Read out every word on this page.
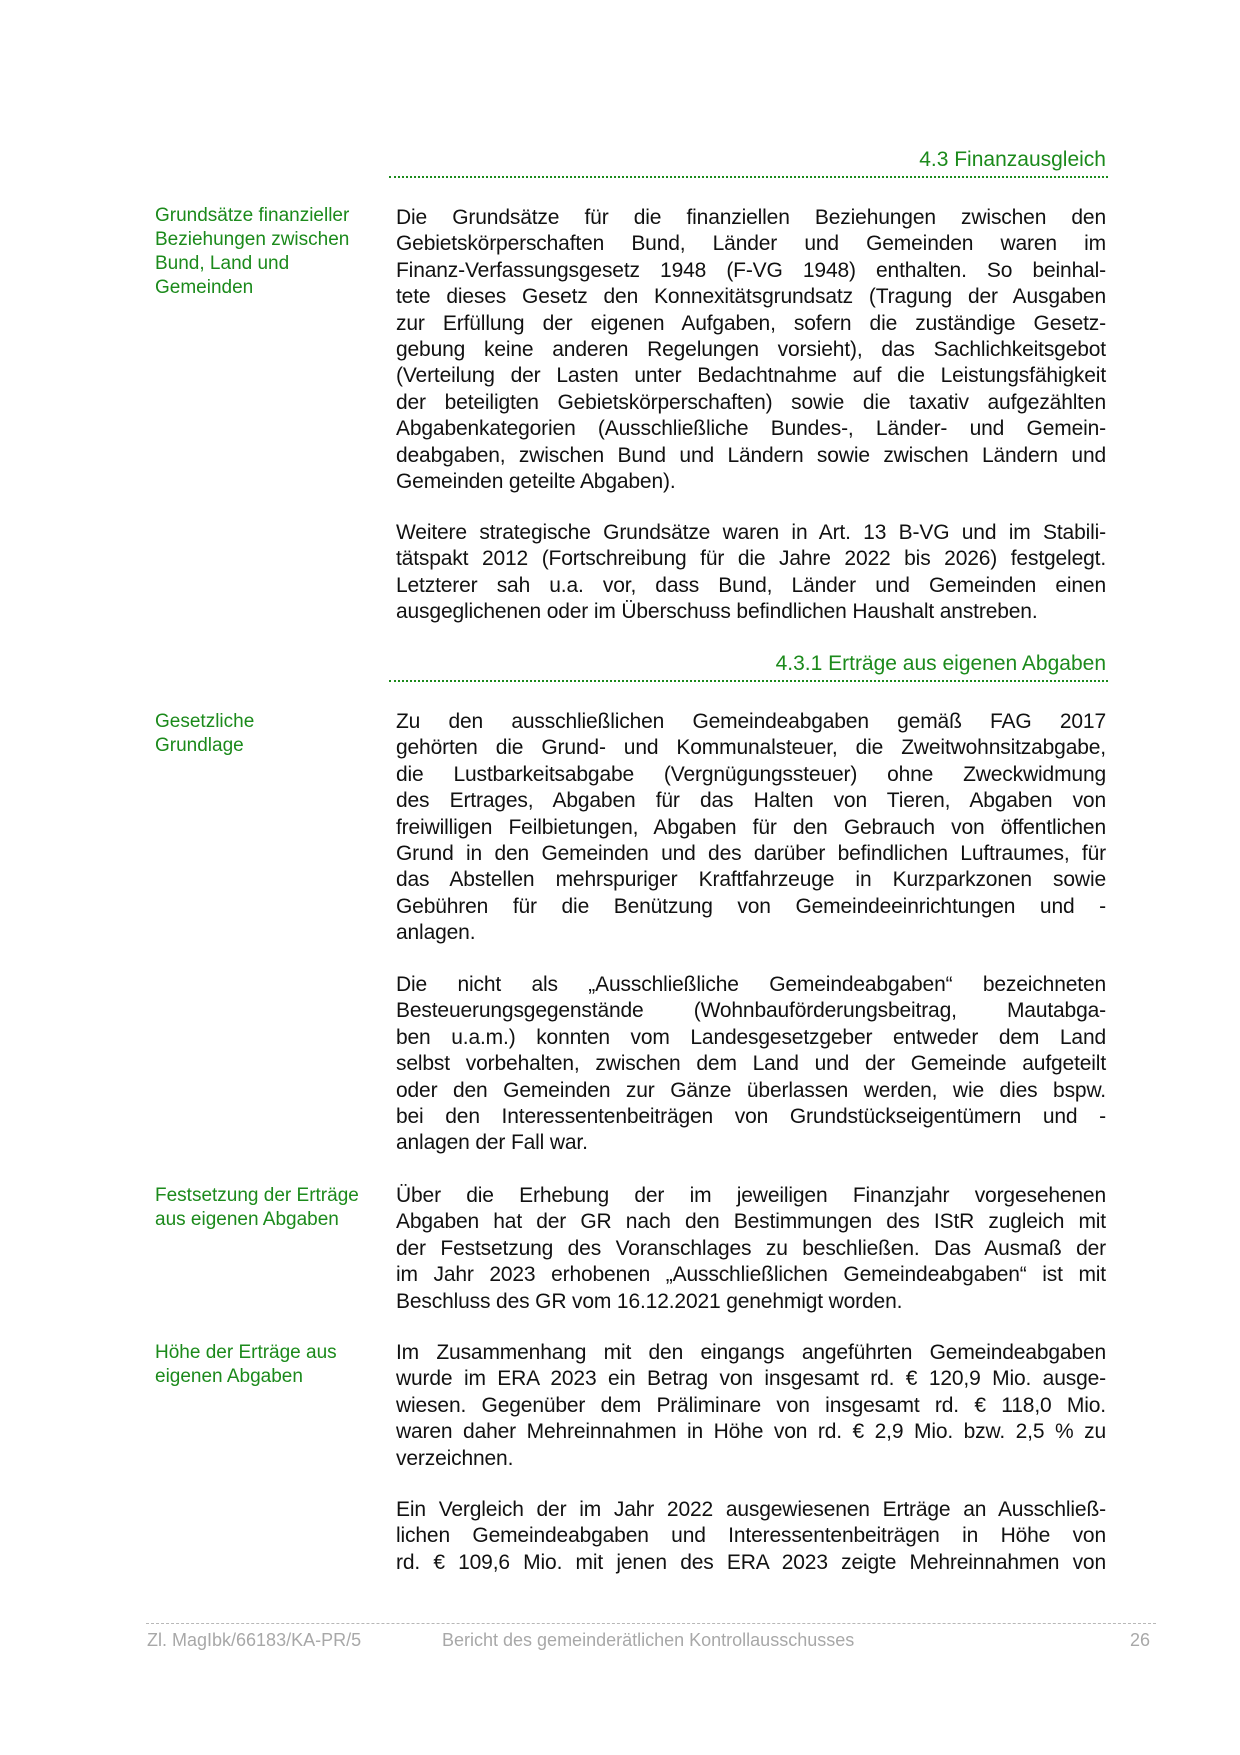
4.3 Finanzausgleich
4.3.1 Erträge aus eigenen Abgaben
Grundsätze finanzieller
Beziehungen zwischen
Bund, Land und
Gemeinden
Gesetzliche
Grundlage
Festsetzung der Erträge
aus eigenen Abgaben
Höhe der Erträge aus
eigenen Abgaben
Die Grundsätze für die finanziellen Beziehungen zwischen den
Gebietskörperschaften Bund, Länder und Gemeinden waren im
Finanz-Verfassungsgesetz 1948 (F-VG 1948) enthalten. So beinhal-
tete dieses Gesetz den Konnexitätsgrundsatz (Tragung der Ausgaben
zur Erfüllung der eigenen Aufgaben, sofern die zuständige Gesetz-
gebung keine anderen Regelungen vorsieht), das Sachlichkeitsgebot
(Verteilung der Lasten unter Bedachtnahme auf die Leistungsfähigkeit
der beteiligten Gebietskörperschaften) sowie die taxativ aufgezählten
Abgabenkategorien (Ausschließliche Bundes-, Länder- und Gemein-
deabgaben, zwischen Bund und Ländern sowie zwischen Ländern und
Gemeinden geteilte Abgaben).
Weitere strategische Grundsätze waren in Art. 13 B-VG und im Stabili-
tätspakt 2012 (Fortschreibung für die Jahre 2022 bis 2026) festgelegt.
Letzterer sah u.a. vor, dass Bund, Länder und Gemeinden einen
ausgeglichenen oder im Überschuss befindlichen Haushalt anstreben.
Zu den ausschließlichen Gemeindeabgaben gemäß FAG 2017
gehörten die Grund- und Kommunalsteuer, die Zweitwohnsitzabgabe,
die Lustbarkeitsabgabe (Vergnügungssteuer) ohne Zweckwidmung
des Ertrages, Abgaben für das Halten von Tieren, Abgaben von
freiwilligen Feilbietungen, Abgaben für den Gebrauch von öffentlichen
Grund in den Gemeinden und des darüber befindlichen Luftraumes, für
das Abstellen mehrspuriger Kraftfahrzeuge in Kurzparkzonen sowie
Gebühren für die Benützung von Gemeindeeinrichtungen und -
anlagen.
Die nicht als „Ausschließliche Gemeindeabgaben“ bezeichneten
Besteuerungsgegenstände (Wohnbauförderungsbeitrag, Mautabga-
ben u.a.m.) konnten vom Landesgesetzgeber entweder dem Land
selbst vorbehalten, zwischen dem Land und der Gemeinde aufgeteilt
oder den Gemeinden zur Gänze überlassen werden, wie dies bspw.
bei den Interessentenbeiträgen von Grundstückseigentümern und -
anlagen der Fall war.
Über die Erhebung der im jeweiligen Finanzjahr vorgesehenen
Abgaben hat der GR nach den Bestimmungen des IStR zugleich mit
der Festsetzung des Voranschlages zu beschließen. Das Ausmaß der
im Jahr 2023 erhobenen „Ausschließlichen Gemeindeabgaben“ ist mit
Beschluss des GR vom 16.12.2021 genehmigt worden.
Im Zusammenhang mit den eingangs angeführten Gemeindeabgaben
wurde im ERA 2023 ein Betrag von insgesamt rd. € 120,9 Mio. ausge-
wiesen. Gegenüber dem Präliminare von insgesamt rd. € 118,0 Mio.
waren daher Mehreinnahmen in Höhe von rd. € 2,9 Mio. bzw. 2,5 % zu
verzeichnen.
Ein Vergleich der im Jahr 2022 ausgewiesenen Erträge an Ausschließ-
lichen Gemeindeabgaben und Interessentenbeiträgen in Höhe von
rd. € 109,6 Mio. mit jenen des ERA 2023 zeigte Mehreinnahmen von
Zl. MagIbk/66183/KA-PR/5	Bericht des gemeinderätlichen Kontrollausschusses	26
